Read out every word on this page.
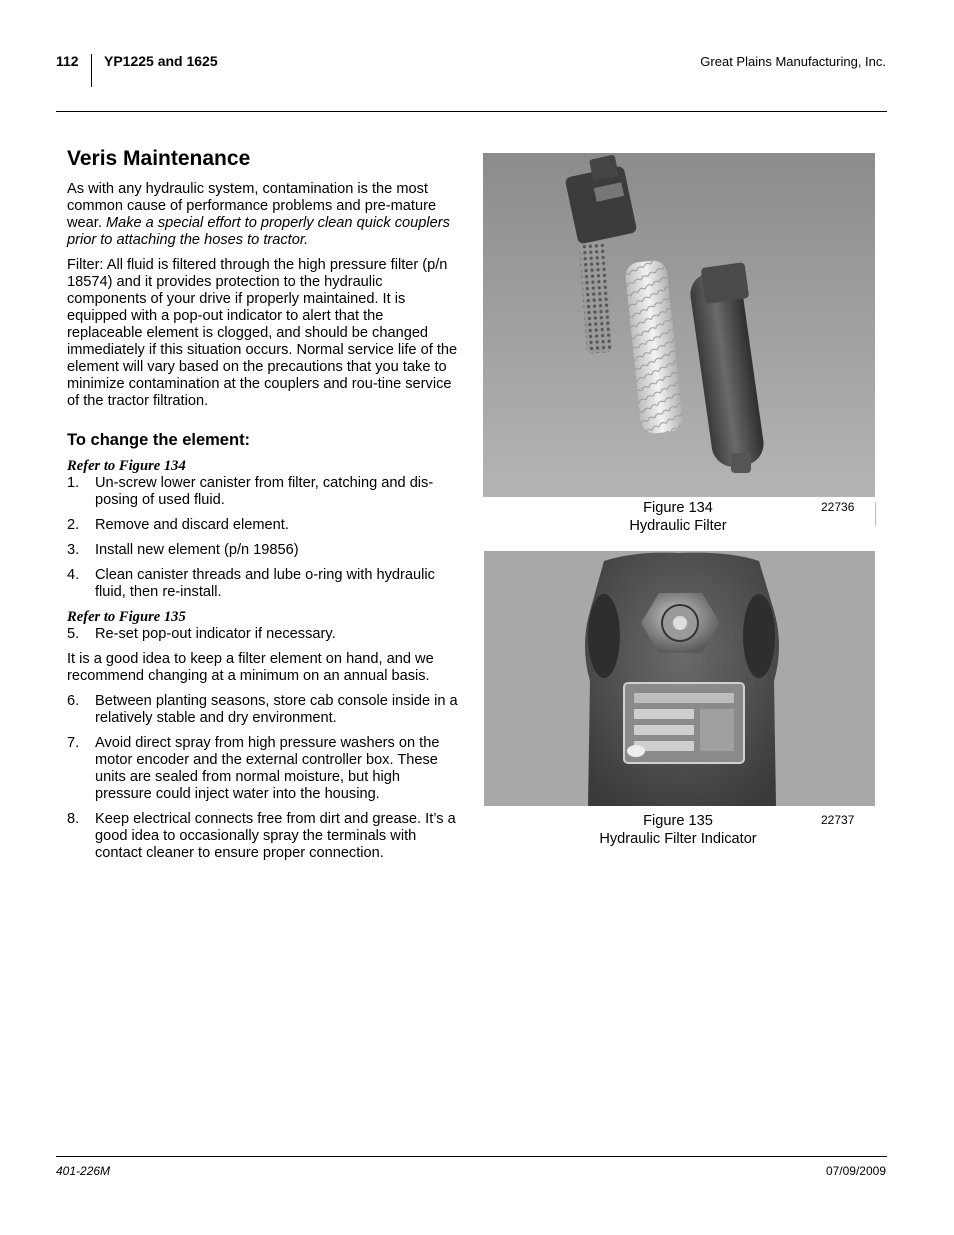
112 YP1225 and 1625	Great Plains Manufacturing, Inc.
Veris Maintenance

As with any hydraulic system, contamination is the most common cause of performance problems and pre-mature wear. Make a special effort to properly clean quick couplers prior to attaching the hoses to tractor.

Filter: All fluid is filtered through the high pressure filter (p/n 18574) and it provides protection to the hydraulic components of your drive if properly maintained. It is equipped with a pop-out indicator to alert that the replaceable element is clogged, and should be changed immediately if this situation occurs. Normal service life of the element will vary based on the precautions that you take to minimize contamination at the couplers and rou-tine service of the tractor filtration.

To change the element:
Refer to Figure 134
1. Un-screw lower canister from filter, catching and dis-posing of used fluid.
2. Remove and discard element.
3. Install new element (p/n 19856)
4. Clean canister threads and lube o-ring with hydraulic fluid, then re-install.
Refer to Figure 135
5. Re-set pop-out indicator if necessary.

It is a good idea to keep a filter element on hand, and we recommend changing at a minimum on an annual basis.

6. Between planting seasons, store cab console inside in a relatively stable and dry environment.
7. Avoid direct spray from high pressure washers on the motor encoder and the external controller box. These units are sealed from normal moisture, but high pressure could inject water into the housing.
8. Keep electrical connects free from dirt and grease. It’s a good idea to occasionally spray the terminals with contact cleaner to ensure proper connection.
Figure 134
Hydraulic Filter
22736
Figure 135
Hydraulic Filter Indicator
22737
401-226M	07/09/2009
